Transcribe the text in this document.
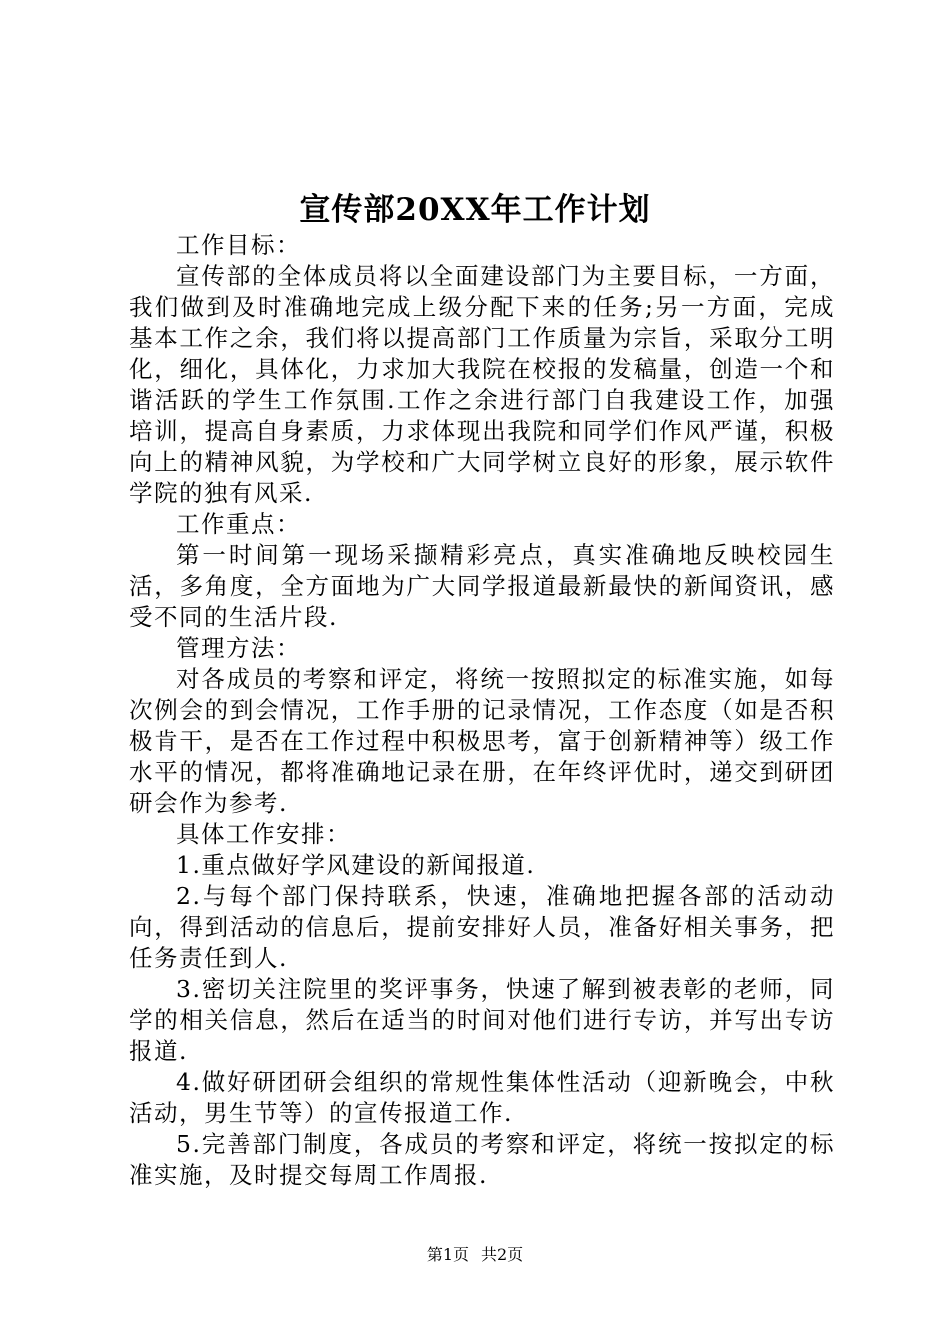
宣传部20XX年工作计划

工作目标：

宣传部的全体成员将以全面建设部门为主要目标，一方面，我们做到及时准确地完成上级分配下来的任务;另一方面，完成基本工作之余，我们将以提高部门工作质量为宗旨，采取分工明化，细化，具体化，力求加大我院在校报的发稿量，创造一个和谐活跃的学生工作氛围.工作之余进行部门自我建设工作，加强培训，提高自身素质，力求体现出我院和同学们作风严谨，积极向上的精神风貌，为学校和广大同学树立良好的形象，展示软件学院的独有风采.

工作重点：

第一时间第一现场采撷精彩亮点，真实准确地反映校园生活，多角度，全方面地为广大同学报道最新最快的新闻资讯，感受不同的生活片段.

管理方法：

对各成员的考察和评定，将统一按照拟定的标准实施，如每次例会的到会情况，工作手册的记录情况，工作态度（如是否积极肯干，是否在工作过程中积极思考，富于创新精神等）级工作水平的情况，都将准确地记录在册，在年终评优时，递交到研团研会作为参考.

具体工作安排：

1.重点做好学风建设的新闻报道.

2.与每个部门保持联系，快速，准确地把握各部的活动动向，得到活动的信息后，提前安排好人员，准备好相关事务，把任务责任到人.

3.密切关注院里的奖评事务，快速了解到被表彰的老师，同学的相关信息，然后在适当的时间对他们进行专访，并写出专访报道.

4.做好研团研会组织的常规性集体性活动（迎新晚会，中秋活动，男生节等）的宣传报道工作.

5.完善部门制度，各成员的考察和评定，将统一按拟定的标准实施，及时提交每周工作周报.

第1页 共2页
